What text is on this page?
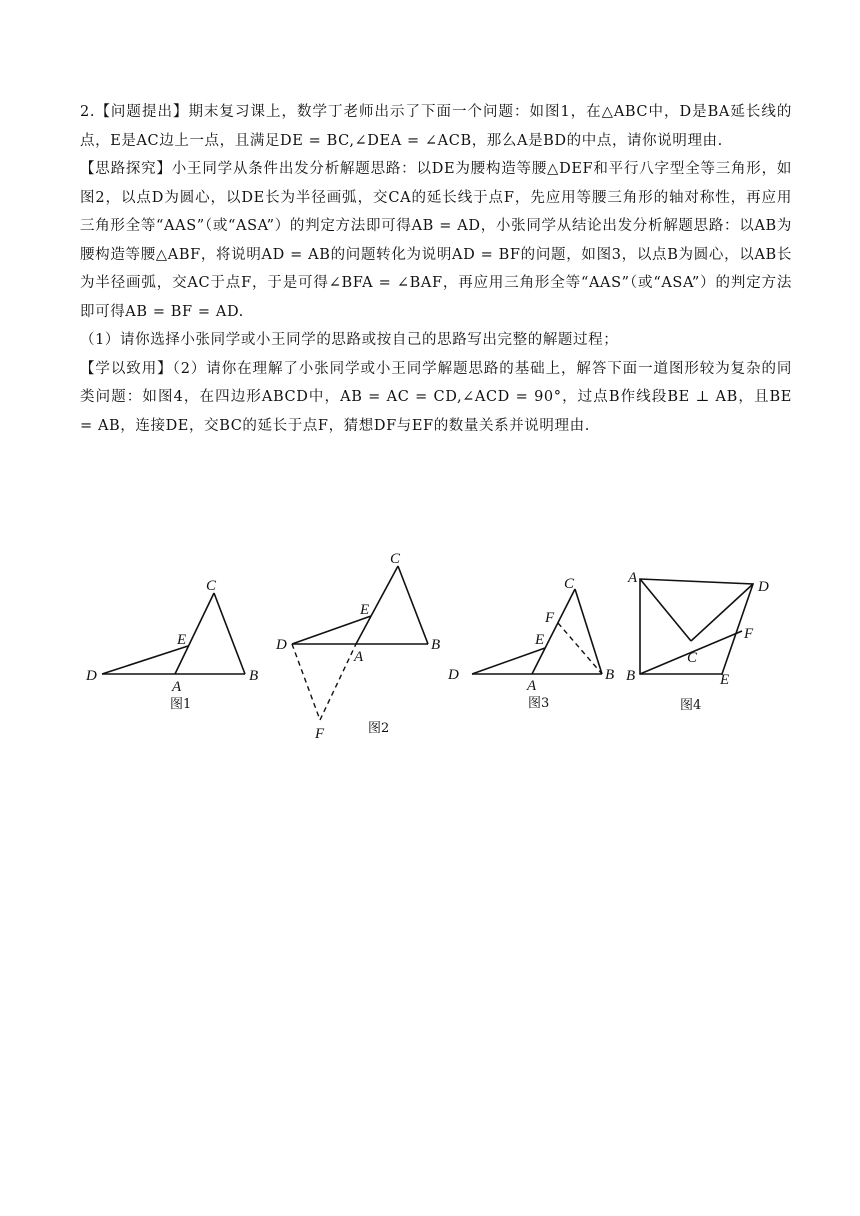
2.【问题提出】期末复习课上，数学丁老师出示了下面一个问题：如图1，在△ABC中，D是BA延长线的点，E是AC边上一点，且满足DE = BC,∠DEA = ∠ACB，那么A是BD的中点，请你说明理由.

【思路探究】小王同学从条件出发分析解题思路：以DE为腰构造等腰△DEF和平行八字型全等三角形，如图2，以点D为圆心，以DE长为半径画弧，交CA的延长线于点F，先应用等腰三角形的轴对称性，再应用三角形全等“AAS”（或“ASA”）的判定方法即可得AB = AD，小张同学从结论出发分析解题思路：以AB为腰构造等腰△ABF，将说明AD = AB的问题转化为说明AD = BF的问题，如图3，以点B为圆心，以AB长为半径画弧，交AC于点F，于是可得∠BFA = ∠BAF，再应用三角形全等“AAS”（或“ASA”）的判定方法即可得AB = BF = AD.

（1）请你选择小张同学或小王同学的思路或按自己的思路写出完整的解题过程；

【学以致用】（2）请你在理解了小张同学或小王同学解题思路的基础上，解答下面一道图形较为复杂的同类问题：如图4，在四边形ABCD中，AB = AC = CD,∠ACD = 90°，过点B作线段BE ⊥ AB，且BE = AB，连接DE，交BC的延长于点F，猜想DF与EF的数量关系并说明理由.

C
E
D
A
B
图1
C
E
D
A
B
F	图2
C
F
E
D
A
B
图3
A
D
F
C
B	E
图4
